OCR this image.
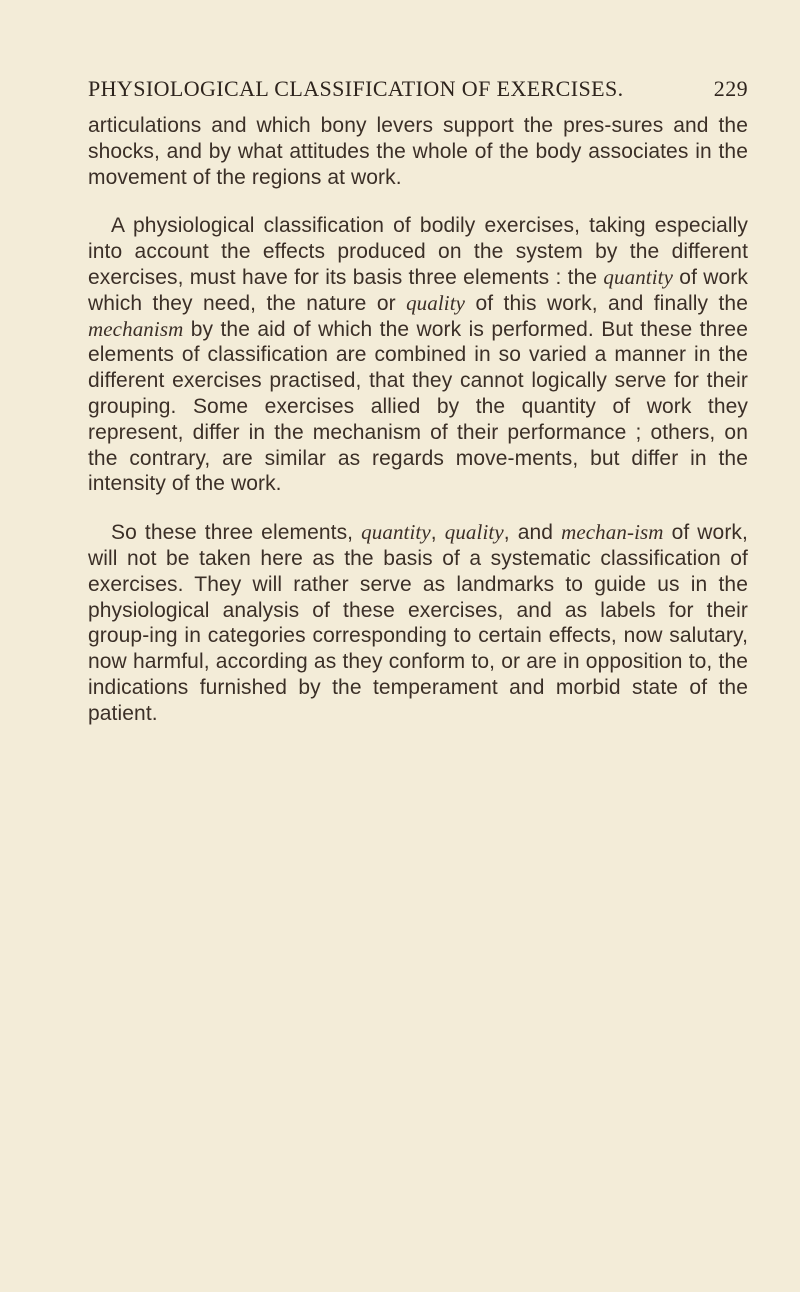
PHYSIOLOGICAL CLASSIFICATION OF EXERCISES.	229

articulations and which bony levers support the pres-sures and the shocks, and by what attitudes the whole of the body associates in the movement of the regions at work.

A physiological classification of bodily exercises, taking especially into account the effects produced on the system by the different exercises, must have for its basis three elements : the quantity of work which they need, the nature or quality of this work, and finally the mechanism by the aid of which the work is performed. But these three elements of classification are combined in so varied a manner in the different exercises practised, that they cannot logically serve for their grouping. Some exercises allied by the quantity of work they represent, differ in the mechanism of their performance ; others, on the contrary, are similar as regards move-ments, but differ in the intensity of the work.
So these three elements, quantity, quality, and mechan-ism of work, will not be taken here as the basis of a systematic classification of exercises. They will rather serve as landmarks to guide us in the physiological analysis of these exercises, and as labels for their group-ing in categories corresponding to certain effects, now salutary, now harmful, according as they conform to, or are in opposition to, the indications furnished by the temperament and morbid state of the patient.
